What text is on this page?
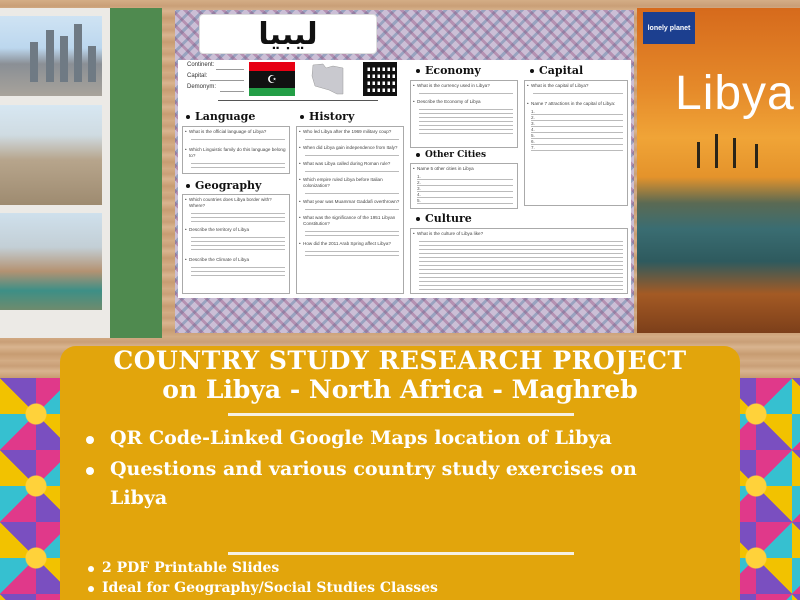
ليبيا
Continent:
Capital:
Demonym:
☪
Language
• What is the official language of Libya?
• Which Linguistic family do this language belong to?
Geography
• Which countries does Libya border with? Where?
• Describe the territory of Libya
• Describe the Climate of Libya
History
• Who led Libya after the 1969 military coup?
• When did Libya gain independence from Italy?
• What was Libya called during Roman rule?
• Which empire ruled Libya before Italian colonization?
• What year was Muammar Gaddafi overthrown?
• What was the significance of the 1951 Libyan Constitution?
• How did the 2011 Arab Spring affect Libya?
Economy
• What is the currency used in Libya?
• Describe the Economy of Libya
Other Cities
• Name 5 other cities in Libya
1.
2.
3.
4.
5.
Culture
• What is the culture of Libya like?
Capital
• What is the capital of Libya?
• Name 7 attractions in the capital of Libya:
1.
2.
3.
4.
5.
6.
7.
lonely planet
Libya
COUNTRY STUDY RESEARCH PROJECT
on Libya - North Africa - Maghreb
QR Code-Linked Google Maps location of Libya
Questions and various country study exercises on Libya
2 PDF Printable Slides
Ideal for Geography/Social Studies Classes
